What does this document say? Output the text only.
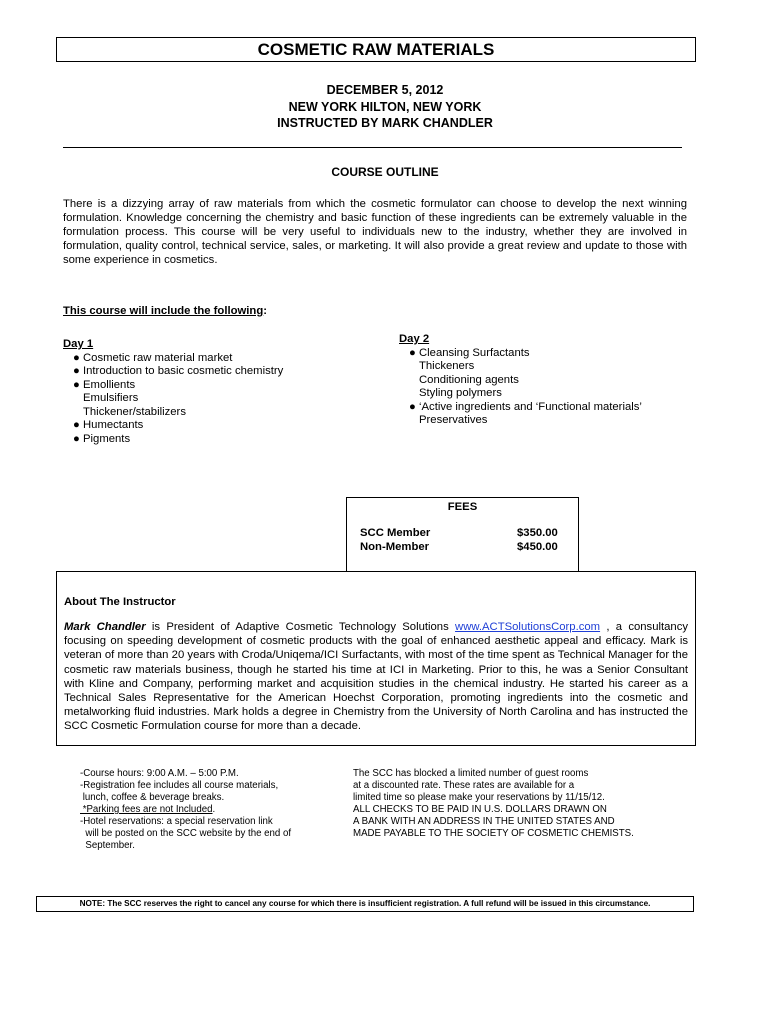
COSMETIC RAW MATERIALS
DECEMBER 5, 2012
NEW YORK HILTON, NEW YORK
INSTRUCTED BY MARK CHANDLER
COURSE OUTLINE
There is a dizzying array of raw materials from which the cosmetic formulator can choose to develop the next winning formulation. Knowledge concerning the chemistry and basic function of these ingredients can be extremely valuable in the formulation process. This course will be very useful to individuals new to the industry, whether they are involved in formulation, quality control, technical service, sales, or marketing. It will also provide a great review and update to those with some experience in cosmetics.
This course will include the following:
Day 1
● Cosmetic raw material market
● Introduction to basic cosmetic chemistry
● Emollients
Emulsifiers
Thickener/stabilizers
● Humectants
● Pigments
Day 2
● Cleansing Surfactants
Thickeners
Conditioning agents
Styling polymers
● ‘Active ingredients and ‘Functional materials’
Preservatives
FEES
SCC Member	$350.00
Non-Member	$450.00
About The Instructor
Mark Chandler is President of Adaptive Cosmetic Technology Solutions www.ACTSolutionsCorp.com , a consultancy focusing on speeding development of cosmetic products with the goal of enhanced aesthetic appeal and efficacy. Mark is veteran of more than 20 years with Croda/Uniqema/ICI Surfactants, with most of the time spent as Technical Manager for the cosmetic raw materials business, though he started his time at ICI in Marketing. Prior to this, he was a Senior Consultant with Kline and Company, performing market and acquisition studies in the chemical industry. He started his career as a Technical Sales Representative for the American Hoechst Corporation, promoting ingredients into the cosmetic and metalworking fluid industries. Mark holds a degree in Chemistry from the University of North Carolina and has instructed the SCC Cosmetic Formulation course for more than a decade.
-Course hours: 9:00 A.M. – 5:00 P.M.
-Registration fee includes all course materials,
lunch, coffee & beverage breaks.
*Parking fees are not Included.
-Hotel reservations: a special reservation link
will be posted on the SCC website by the end of
September.
The SCC has blocked a limited number of guest rooms
at a discounted rate. These rates are available for a
limited time so please make your reservations by 11/15/12.
ALL CHECKS TO BE PAID IN U.S. DOLLARS DRAWN ON
A BANK WITH AN ADDRESS IN THE UNITED STATES AND
MADE PAYABLE TO THE SOCIETY OF COSMETIC CHEMISTS.
NOTE: The SCC reserves the right to cancel any course for which there is insufficient registration. A full refund will be issued in this circumstance.
